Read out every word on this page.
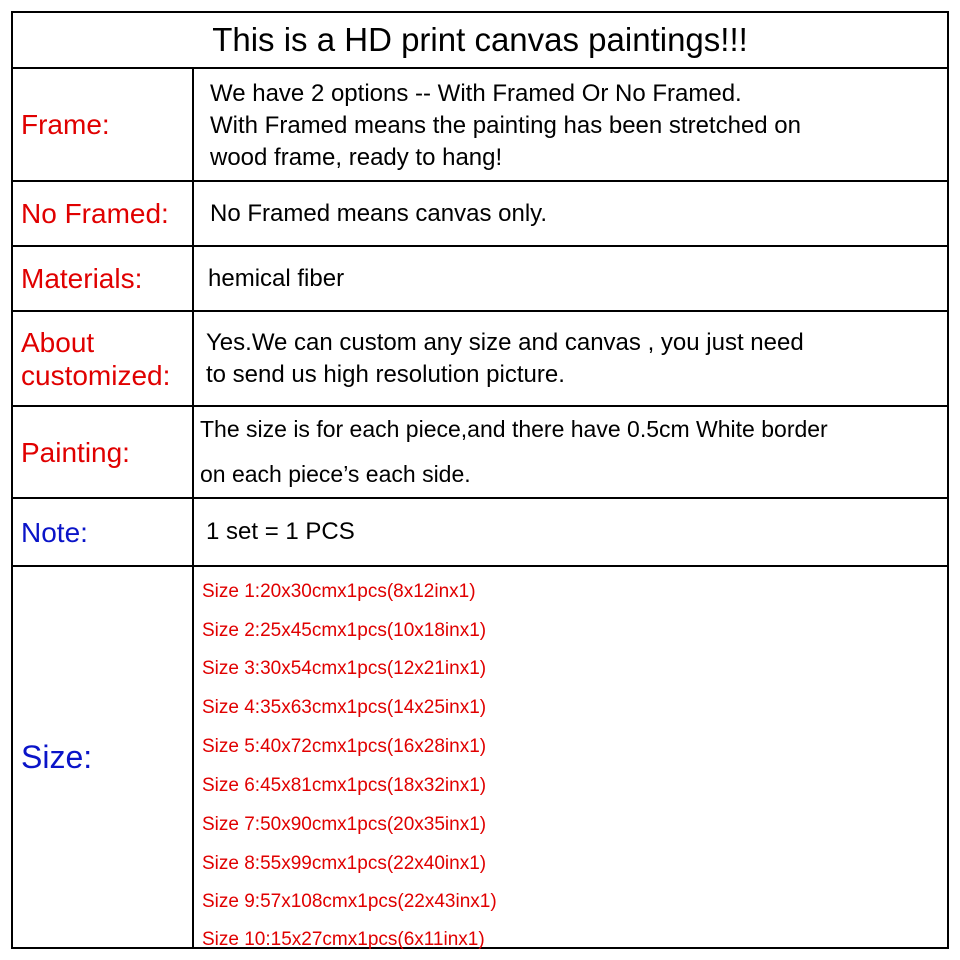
This is a HD print canvas paintings!!!
Frame:
We have 2 options -- With Framed Or No Framed.
With Framed means the painting has been stretched on
wood frame, ready to hang!
No Framed:	No Framed means canvas only.
Materials:	hemical fiber
About
customized:
Yes.We can custom any size and canvas , you just need
to send us high resolution picture.
Painting:
The size is for each piece,and there have 0.5cm White border
on each piece’s each side.
Note:	1 set = 1 PCS
Size:
Size 1:20x30cmx1pcs(8x12inx1)
Size 2:25x45cmx1pcs(10x18inx1)
Size 3:30x54cmx1pcs(12x21inx1)
Size 4:35x63cmx1pcs(14x25inx1)
Size 5:40x72cmx1pcs(16x28inx1)
Size 6:45x81cmx1pcs(18x32inx1)
Size 7:50x90cmx1pcs(20x35inx1)
Size 8:55x99cmx1pcs(22x40inx1)
Size 9:57x108cmx1pcs(22x43inx1)
Size 10:15x27cmx1pcs(6x11inx1)
